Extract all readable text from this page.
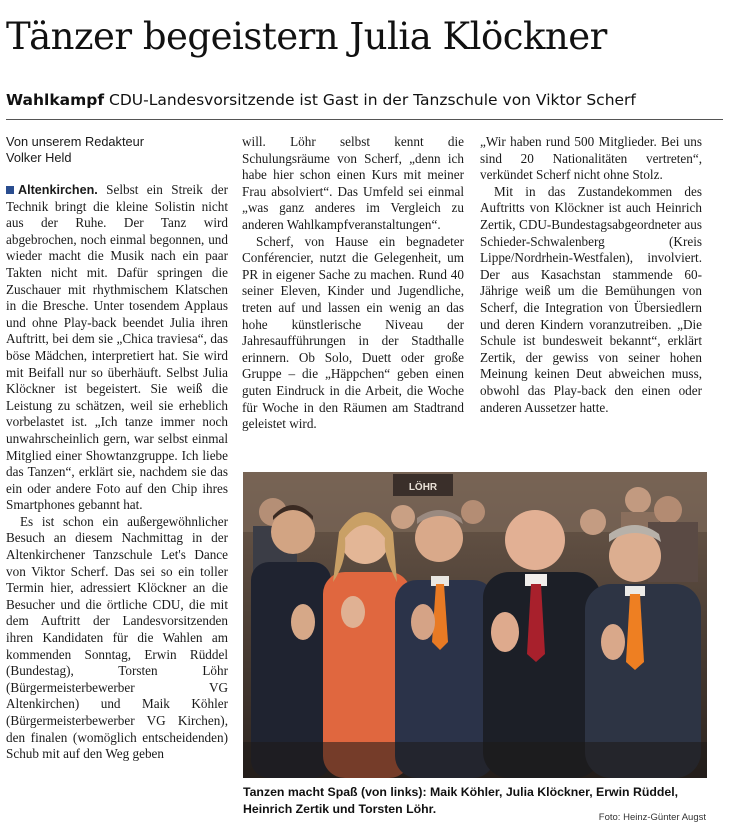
Tänzer begeistern Julia Klöckner
Wahlkampf CDU-Landesvorsitzende ist Gast in der Tanzschule von Viktor Scherf
Von unserem Redakteur
Volker Held

Altenkirchen. Selbst ein Streik der Technik bringt die kleine Solistin nicht aus der Ruhe. Der Tanz wird abgebrochen, noch einmal begonnen, und wieder macht die Musik nach ein paar Takten nicht mit. Dafür springen die Zuschauer mit rhythmischem Klatschen in die Bresche. Unter tosendem Applaus und ohne Play-back beendet Julia ihren Auftritt, bei dem sie „Chica traviesa“, das böse Mädchen, interpretiert hat. Sie wird mit Beifall nur so überhäuft. Selbst Julia Klöckner ist begeistert. Sie weiß die Leistung zu schätzen, weil sie erheblich vorbelastet ist. „Ich tanze immer noch unwahrscheinlich gern, war selbst einmal Mitglied einer Showtanzgruppe. Ich liebe das Tanzen“, erklärt sie, nachdem sie das ein oder andere Foto auf den Chip ihres Smartphones gebannt hat.

Es ist schon ein außergewöhnlicher Besuch an diesem Nachmittag in der Altenkirchener Tanzschule Let's Dance von Viktor Scherf. Das sei so ein toller Termin hier, adressiert Klöckner an die Besucher und die örtliche CDU, die mit dem Auftritt der Landesvorsitzenden ihren Kandidaten für die Wahlen am kommenden Sonntag, Erwin Rüddel (Bundestag), Torsten Löhr (Bürgermeisterbewerber VG Altenkirchen) und Maik Köhler (Bürgermeisterbewerber VG Kirchen), den finalen (womöglich entscheidenden) Schub mit auf den Weg geben

will. Löhr selbst kennt die Schulungsräume von Scherf, „denn ich habe hier schon einen Kurs mit meiner Frau absolviert“. Das Umfeld sei einmal „was ganz anderes im Vergleich zu anderen Wahlkampfveranstaltungen“.

Scherf, von Hause ein begnadeter Conférencier, nutzt die Gelegenheit, um PR in eigener Sache zu machen. Rund 40 seiner Eleven, Kinder und Jugendliche, treten auf und lassen ein wenig an das hohe künstlerische Niveau der Jahresaufführungen in der Stadthalle erinnern. Ob Solo, Duett oder große Gruppe – die „Häppchen“ geben einen guten Eindruck in die Arbeit, die Woche für Woche in den Räumen am Stadtrand geleistet wird.

„Wir haben rund 500 Mitglieder. Bei uns sind 20 Nationalitäten vertreten“, verkündet Scherf nicht ohne Stolz.

Mit in das Zustandekommen des Auftritts von Klöckner ist auch Heinrich Zertik, CDU-Bundestagsabgeordneter aus Schieder-Schwalenberg (Kreis Lippe/Nordrhein-Westfalen), involviert. Der aus Kasachstan stammende 60-Jährige weiß um die Bemühungen von Scherf, die Integration von Übersiedlern und deren Kindern voranzutreiben. „Die Schule ist bundesweit bekannt“, erklärt Zertik, der gewiss von seiner hohen Meinung keinen Deut abweichen muss, obwohl das Play-back den einen oder anderen Aussetzer hatte.

LÖHR
Tanzen macht Spaß (von links): Maik Köhler, Julia Klöckner, Erwin Rüddel, Heinrich Zertik und Torsten Löhr.
Foto: Heinz-Günter Augst
